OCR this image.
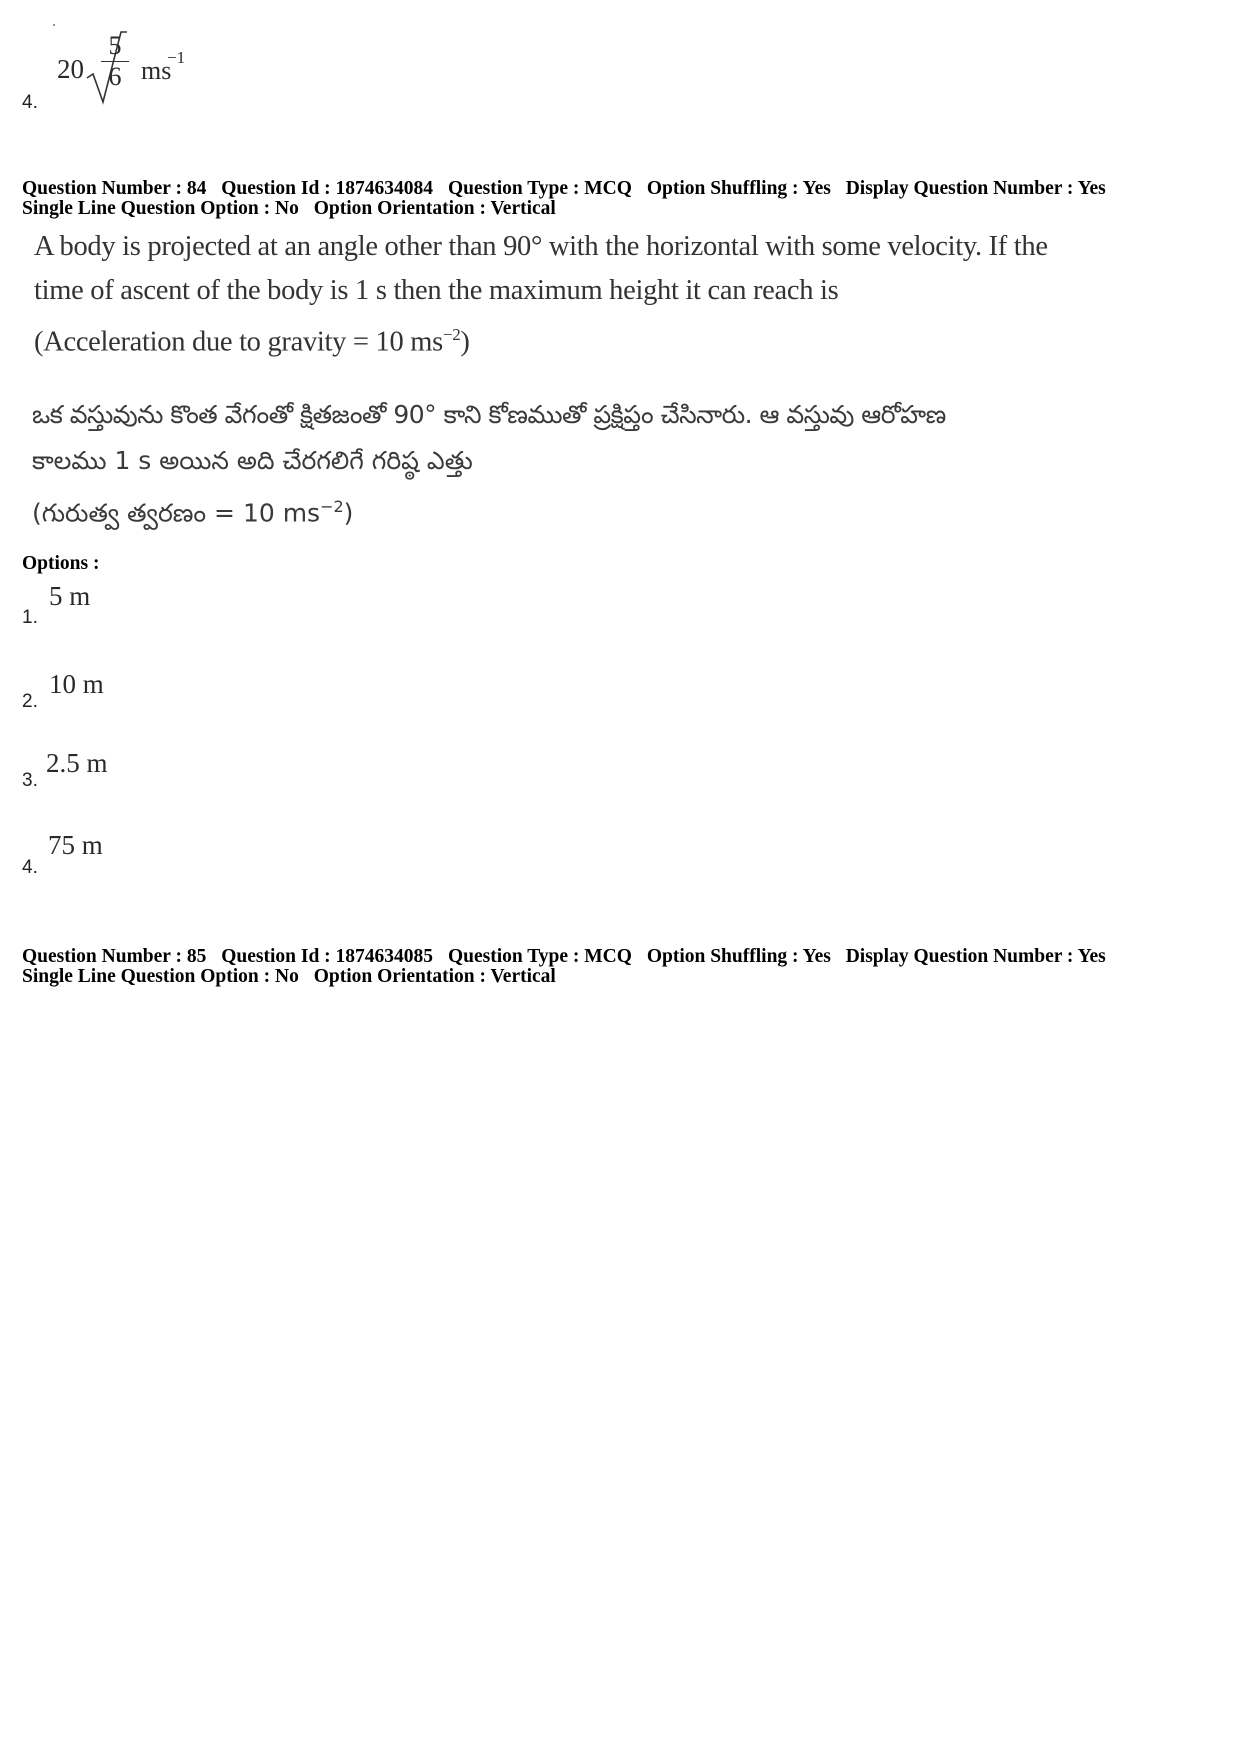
4.
20
5
6 ms
−1
Question Number : 84 Question Id : 1874634084 Question Type : MCQ Option Shuffling : Yes Display Question Number : Yes
Single Line Question Option : No Option Orientation : Vertical
A body is projected at an angle other than 90° with the horizontal with some velocity. If the
time of ascent of the body is 1 s then the maximum height it can reach is
(Acceleration due to gravity = 10 $ms^{-2}$)
ఒక వస్తువును కొంత వేగంతో క్షితజంతో 90° కాని కోణముతో ప్రక్షిప్తం చేసినారు. ఆ వస్తువు ఆరోహణ
కాలము 1 s అయిన అది చేరగలిగే గరిష్ఠ ఎత్తు
(గురుత్వ త్వరణం = 10 $ms^{-2}$)
Options :
1.
5 m
2.
10 m
3.
2.5 m
4.
75 m
Question Number : 85 Question Id : 1874634085 Question Type : MCQ Option Shuffling : Yes Display Question Number : Yes
Single Line Question Option : No Option Orientation : Vertical
